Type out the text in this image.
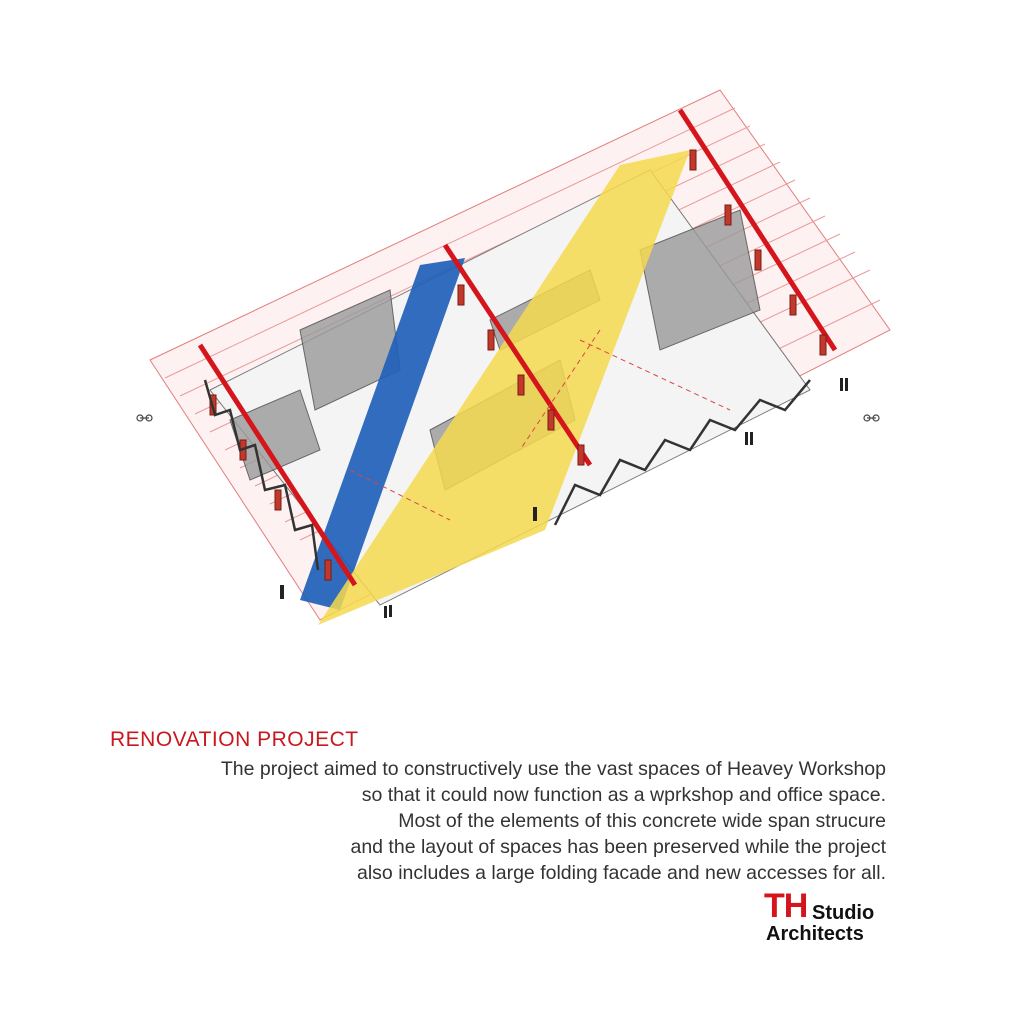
RENOVATION PROJECT
The project aimed to constructively use the vast spaces of Heavey Workshop
so that it could now function as a wprkshop and office space.
Most of the elements of this concrete wide span strucure
and the layout of spaces has been preserved while the project
also includes a large folding facade and new accesses for all.
TH Studio
Architects
